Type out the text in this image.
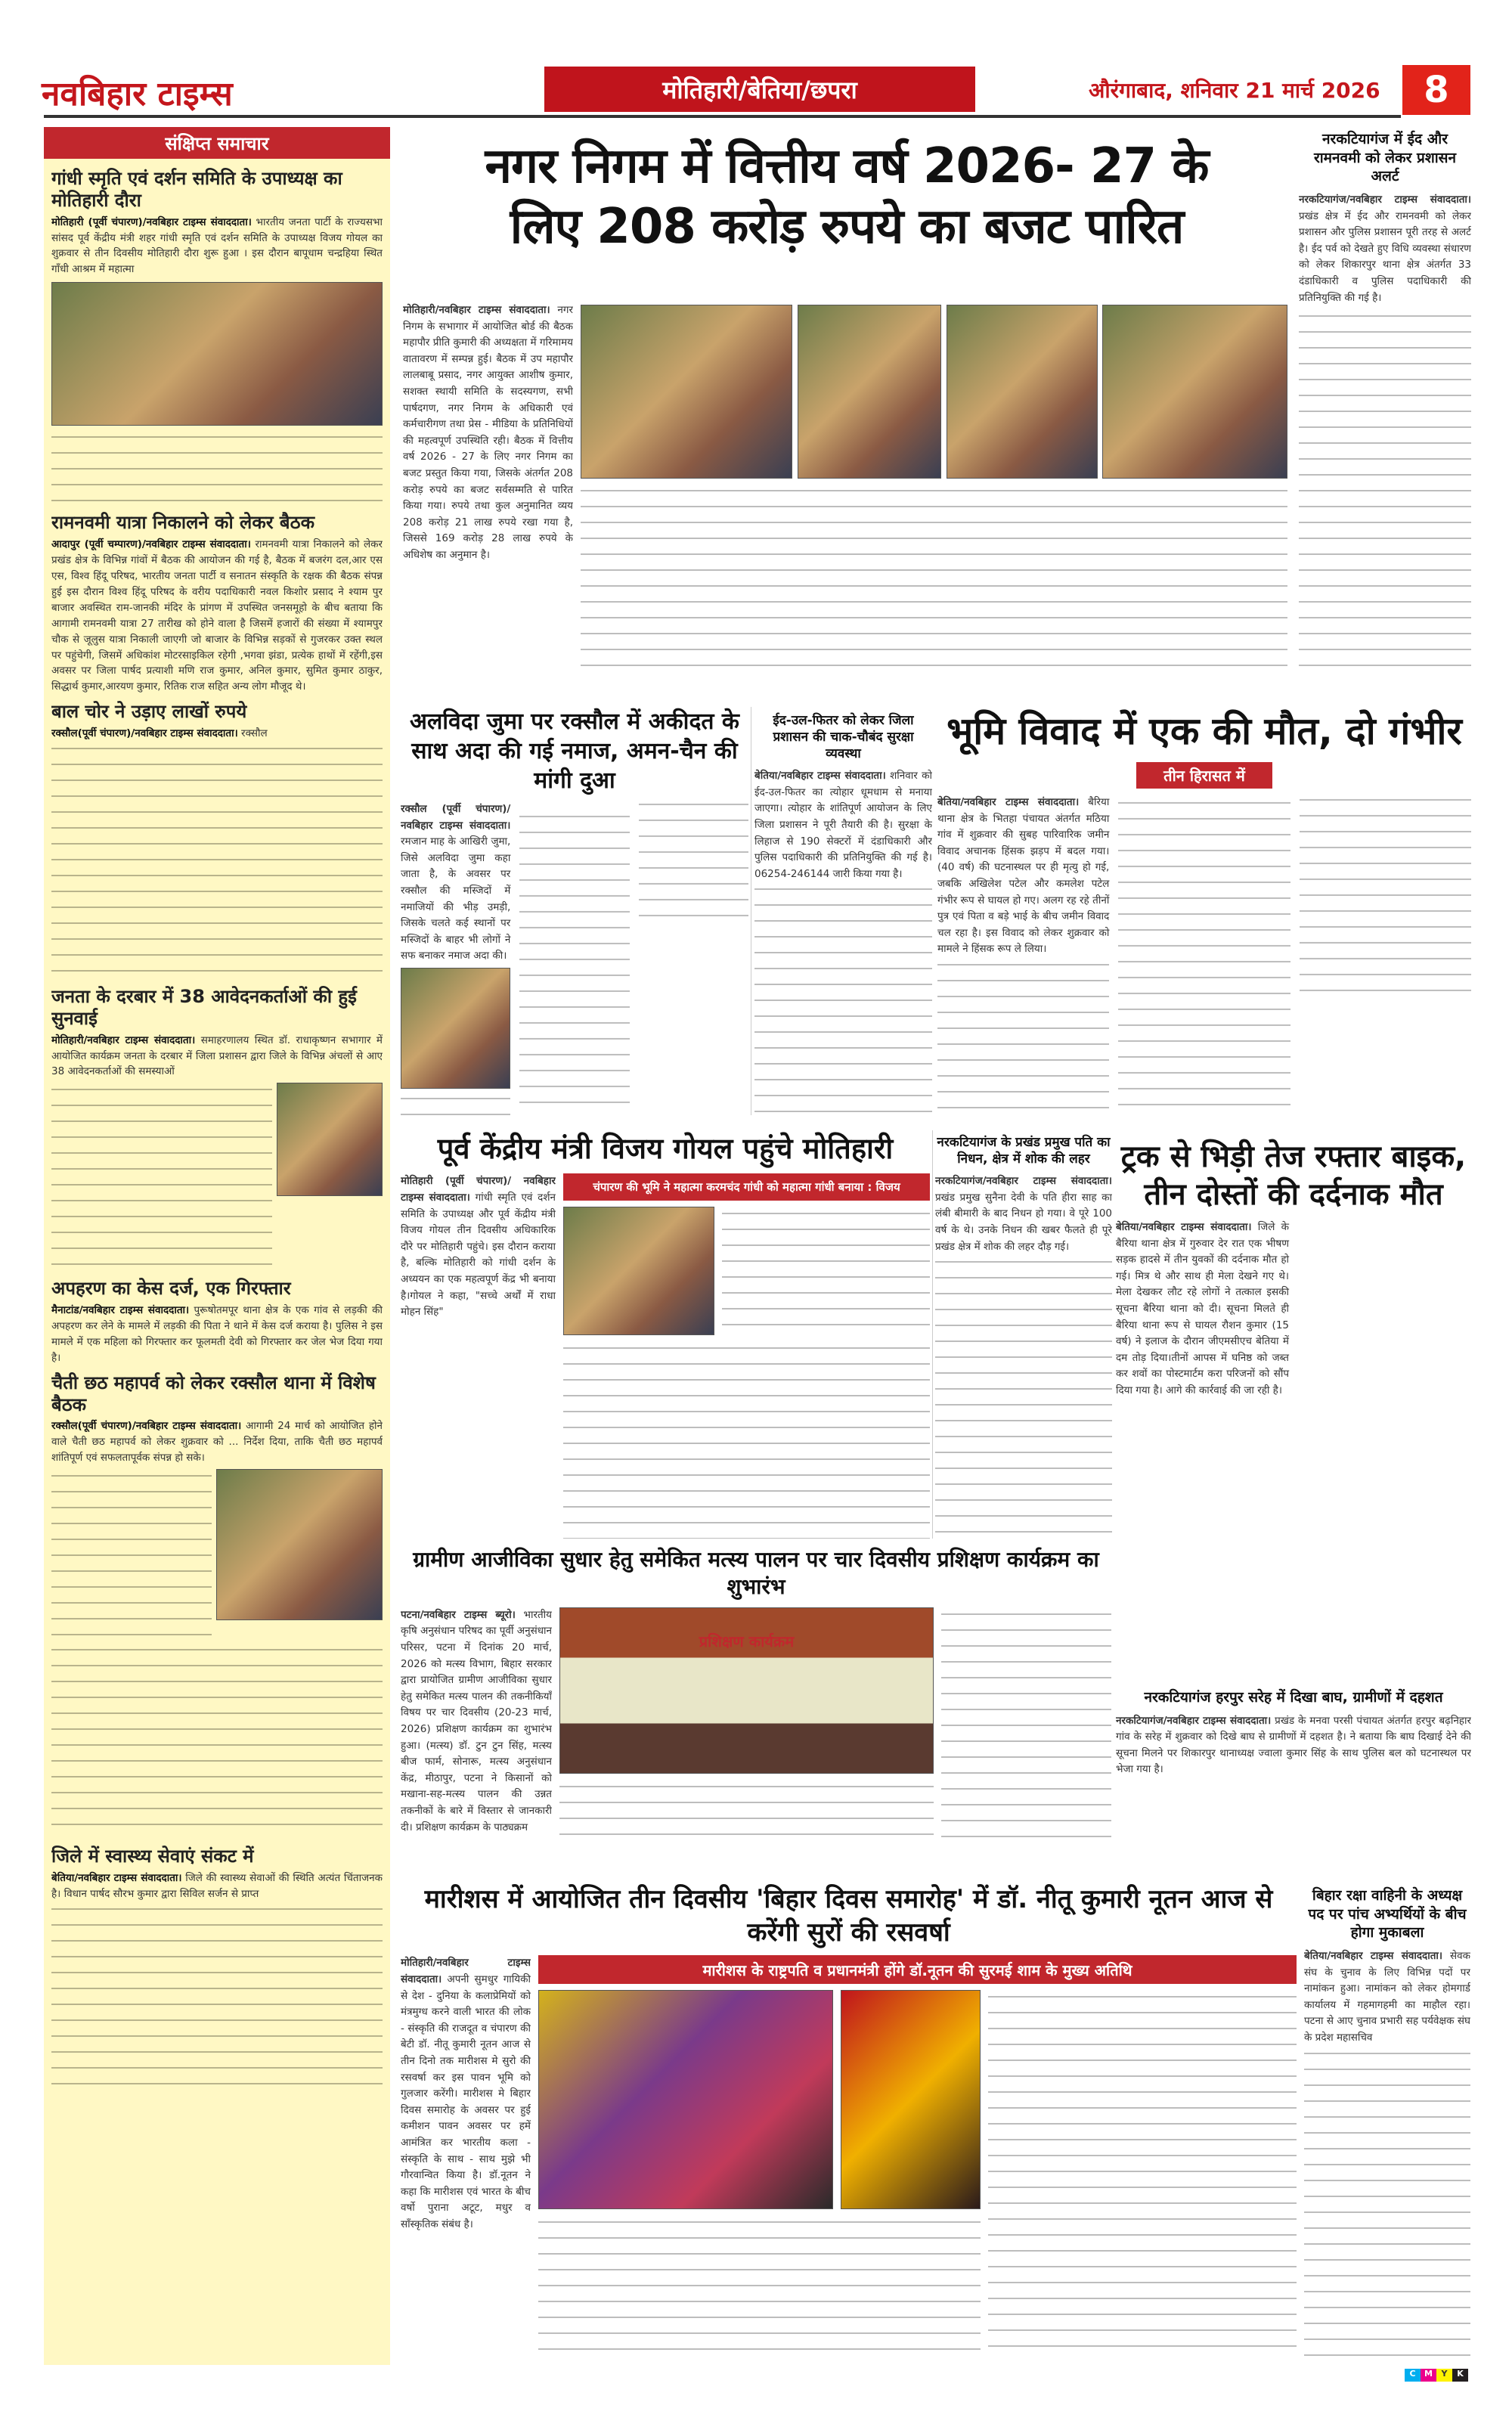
नवबिहार टाइम्स	मोतिहारी/बेतिया/छपरा	औरंगाबाद, शनिवार 21 मार्च 2026	8
संक्षिप्त समाचार
गांधी स्मृति एवं दर्शन समिति के उपाध्यक्ष का मोतिहारी दौरा
मोतिहारी (पूर्वी चंपारण)/नवबिहार टाइम्स संवाददाता। भारतीय जनता पार्टी के राज्यसभा सांसद पूर्व केंद्रीय मंत्री शहर गांधी स्मृति एवं दर्शन समिति के उपाध्यक्ष विजय गोयल का शुक्रवार से तीन दिवसीय मोतिहारी दौरा शुरू हुआ । इस दौरान बापूधाम चन्द्रहिया स्थित गाँधी आश्रम में महात्मा
रामनवमी यात्रा निकालने को लेकर बैठक
आदापुर (पूर्वी चम्पारण)/नवबिहार टाइम्स संवाददाता। रामनवमी यात्रा निकालने को लेकर प्रखंड क्षेत्र के विभिन्न गांवों में बैठक की आयोजन की गई है, बैठक में बजरंग दल,आर एस एस, विश्व हिंदू परिषद, भारतीय जनता पार्टी व सनातन संस्कृति के रक्षक की बैठक संपन्न हुई इस दौरान विश्व हिंदू परिषद के वरीय पदाधिकारी नवल किशोर प्रसाद ने श्याम पुर बाजार अवस्थित राम-जानकी मंदिर के प्रांगण में उपस्थित जनसमूहो के बीच बताया कि आगामी रामनवमी यात्रा 27 तारीख को होने वाला है जिसमें हजारों की संख्या में श्यामपुर चौक से जूलुस यात्रा निकाली जाएगी जो बाजार के विभिन्न सड़कों से गुजरकर उक्त स्थल पर पहुंचेगी, जिसमें अधिकांश मोटरसाइकिल रहेगी ,भगवा झंडा, प्रत्येक हाथों में रहेंगी,इस अवसर पर जिला पार्षद प्रत्याशी मणि राज कुमार, अनिल कुमार, सुमित कुमार ठाकुर, सिद्धार्थ कुमार,आरयण कुमार, रितिक राज सहित अन्य लोग मौजूद थे।
बाल चोर ने उड़ाए लाखों रुपये
रक्सौल(पूर्वी चंपारण)/नवबिहार टाइम्स संवाददाता। रक्सौल
जनता के दरबार में 38 आवेदनकर्ताओं की हुई सुनवाई
मोतिहारी/नवबिहार टाइम्स संवाददाता। समाहरणालय स्थित डॉ. राधाकृष्णन सभागार में आयोजित कार्यक्रम जनता के दरबार में जिला प्रशासन द्वारा जिले के विभिन्न अंचलों से आए 38 आवेदनकर्ताओं की समस्याओं
अपहरण का केस दर्ज, एक गिरफ्तार
मैनाटांड/नवबिहार टाइम्स संवाददाता। पुरूषोतमपूर थाना क्षेत्र के एक गांव से लड़की की अपहरण कर लेने के मामले में लड़की की पिता ने थाने में केस दर्ज कराया है। पुलिस ने इस मामले में एक महिला को गिरफ्तार कर फूलमती देवी को गिरफ्तार कर जेल भेज दिया गया है।
चैती छठ महापर्व को लेकर रक्सौल थाना में विशेष बैठक
रक्सौल(पूर्वी चंपारण)/नवबिहार टाइम्स संवाददाता। आगामी 24 मार्च को आयोजित होने वाले चैती छठ महापर्व को लेकर शुक्रवार को ... निर्देश दिया, ताकि चैती छठ महापर्व शांतिपूर्ण एवं सफलतापूर्वक संपन्न हो सके।
जिले में स्वास्थ्य सेवाएं संकट में
बेतिया/नवबिहार टाइम्स संवाददाता। जिले की स्वास्थ्य सेवाओं की स्थिति अत्यंत चिंताजनक है। विधान पार्षद सौरभ कुमार द्वारा सिविल सर्जन से प्राप्त
नगर निगम में वित्तीय वर्ष 2026- 27 के
लिए 208 करोड़ रुपये का बजट पारित
मोतिहारी/नवबिहार टाइम्स संवाददाता। नगर निगम के सभागार में आयोजित बोर्ड की बैठक महापौर प्रीति कुमारी की अध्यक्षता में गरिमामय वातावरण में सम्पन्न हुई। बैठक में उप महापौर लालबाबू प्रसाद, नगर आयुक्त आशीष कुमार, सशक्त स्थायी समिति के सदस्यगण, सभी पार्षदगण, नगर निगम के अधिकारी एवं कर्मचारीगण तथा प्रेस - मीडिया के प्रतिनिधियों की महत्वपूर्ण उपस्थिति रही। बैठक में वित्तीय वर्ष 2026 - 27 के लिए नगर निगम का बजट प्रस्तुत किया गया, जिसके अंतर्गत 208 करोड़ रुपये का बजट सर्वसम्मति से पारित किया गया। रुपये तथा कुल अनुमानित व्यय 208 करोड़ 21 लाख रुपये रखा गया है, जिससे 169 करोड़ 28 लाख रुपये के अधिशेष का अनुमान है।
नरकटियागंज में ईद और रामनवमी को लेकर प्रशासन अलर्ट
नरकटियागंज/नवबिहार टाइम्स संवाददाता। प्रखंड क्षेत्र में ईद और रामनवमी को लेकर प्रशासन और पुलिस प्रशासन पूरी तरह से अलर्ट है। ईद पर्व को देखते हुए विधि व्यवस्था संधारण को लेकर शिकारपुर थाना क्षेत्र अंतर्गत 33 दंडाधिकारी व पुलिस पदाधिकारी की प्रतिनियुक्ति की गई है।
अलविदा जुमा पर रक्सौल में अकीदत के साथ अदा की गई नमाज, अमन-चैन की मांगी दुआ
रक्सौल (पूर्वी चंपारण)/नवबिहार टाइम्स संवाददाता। रमजान माह के आखिरी जुमा, जिसे अलविदा जुमा कहा जाता है, के अवसर पर रक्सौल की मस्जिदों में नमाजियों की भीड़ उमड़ी, जिसके चलते कई स्थानों पर मस्जिदों के बाहर भी लोगों ने सफ बनाकर नमाज अदा की।
ईद-उल-फितर को लेकर जिला प्रशासन की चाक-चौबंद सुरक्षा व्यवस्था
बेतिया/नवबिहार टाइम्स संवाददाता। शनिवार को ईद-उल-फितर का त्योहार धूमधाम से मनाया जाएगा। त्योहार के शांतिपूर्ण आयोजन के लिए जिला प्रशासन ने पूरी तैयारी की है। सुरक्षा के लिहाज से 190 सेक्टरों में दंडाधिकारी और पुलिस पदाधिकारी की प्रतिनियुक्ति की गई है। 06254-246144 जारी किया गया है।
भूमि विवाद में एक की मौत, दो गंभीर
तीन हिरासत में
बेतिया/नवबिहार टाइम्स संवाददाता। बैरिया थाना क्षेत्र के भितहा पंचायत अंतर्गत मठिया गांव में शुक्रवार की सुबह पारिवारिक जमीन विवाद अचानक हिंसक झड़प में बदल गया। (40 वर्ष) की घटनास्थल पर ही मृत्यु हो गई, जबकि अखिलेश पटेल और कमलेश पटेल गंभीर रूप से घायल हो गए। अलग रह रहे तीनों पुत्र एवं पिता व बड़े भाई के बीच जमीन विवाद चल रहा है। इस विवाद को लेकर शुक्रवार को मामले ने हिंसक रूप ले लिया।
पूर्व केंद्रीय मंत्री विजय गोयल पहुंचे मोतिहारी
मोतिहारी (पूर्वी चंपारण)/ नवबिहार टाइम्स संवाददाता। गांधी स्मृति एवं दर्शन समिति के उपाध्यक्ष और पूर्व केंद्रीय मंत्री विजय गोयल तीन दिवसीय अधिकारिक दौरे पर मोतिहारी पहुंचे। इस दौरान कराया है, बल्कि मोतिहारी को गांधी दर्शन के अध्ययन का एक महत्वपूर्ण केंद्र भी बनाया है।गोयल ने कहा, "सच्चे अर्थों में राधा मोहन सिंह"
चंपारण की भूमि ने महात्मा करमचंद गांधी को महात्मा गांधी बनाया : विजय
नरकटियागंज के प्रखंड प्रमुख पति का निधन, क्षेत्र में शोक की लहर
नरकटियागंज/नवबिहार टाइम्स संवाददाता। प्रखंड प्रमुख सुनैना देवी के पति हीरा साह का लंबी बीमारी के बाद निधन हो गया। वे पूरे 100 वर्ष के थे। उनके निधन की खबर फैलते ही पूरे प्रखंड क्षेत्र में शोक की लहर दौड़ गई।
ट्रक से भिड़ी तेज रफ्तार बाइक,
तीन दोस्तों की दर्दनाक मौत
बेतिया/नवबिहार टाइम्स संवाददाता। जिले के बैरिया थाना क्षेत्र में गुरुवार देर रात एक भीषण सड़क हादसे में तीन युवकों की दर्दनाक मौत हो गई। मित्र थे और साथ ही मेला देखने गए थे।मेला देखकर लौट रहे लोगों ने तत्काल इसकी सूचना बैरिया थाना को दी। सूचना मिलते ही बैरिया थाना रूप से घायल रौशन कुमार (15 वर्ष) ने इलाज के दौरान जीएमसीएच बेतिया में दम तोड़ दिया।तीनों आपस में घनिष्ठ को जब्त कर शवों का पोस्टमार्टम करा परिजनों को सौंप दिया गया है। आगे की कार्रवाई की जा रही है।
ग्रामीण आजीविका सुधार हेतु समेकित मत्स्य पालन पर चार दिवसीय प्रशिक्षण कार्यक्रम का शुभारंभ
पटना/नवबिहार टाइम्स ब्यूरो। भारतीय कृषि अनुसंधान परिषद का पूर्वी अनुसंधान परिसर, पटना में दिनांक 20 मार्च, 2026 को मत्स्य विभाग, बिहार सरकार द्वारा प्रायोजित ग्रामीण आजीविका सुधार हेतु समेकित मत्स्य पालन की तकनीकियाँ विषय पर चार दिवसीय (20-23 मार्च, 2026) प्रशिक्षण कार्यक्रम का शुभारंभ हुआ। (मत्स्य) डॉ. टुन टुन सिंह, मत्स्य बीज फार्म, सोनारू, मत्स्य अनुसंधान केंद्र, मीठापुर, पटना ने किसानों को मखाना-सह-मत्स्य पालन की उन्नत तकनीकों के बारे में विस्तार से जानकारी दी। प्रशिक्षण कार्यक्रम के पाठ्यक्रम
प्रशिक्षण कार्यक्रम
नरकटियागंज हरपुर सरेह में दिखा बाघ, ग्रामीणों में दहशत
नरकटियागंज/नवबिहार टाइम्स संवाददाता। प्रखंड के मनवा परसी पंचायत अंतर्गत हरपुर बढ़निहार गांव के सरेह में शुक्रवार को दिखे बाघ से ग्रामीणों में दहशत है। ने बताया कि बाघ दिखाई देने की सूचना मिलने पर शिकारपुर थानाध्यक्ष ज्वाला कुमार सिंह के साथ पुलिस बल को घटनास्थल पर भेजा गया है।
मारीशस में आयोजित तीन दिवसीय 'बिहार दिवस समारोह' में डॉ. नीतू कुमारी नूतन आज से करेंगी सुरों की रसवर्षा
मोतिहारी/नवबिहार टाइम्स संवाददाता। अपनी सुमधुर गायिकी से देश - दुनिया के कलाप्रेमियों को मंत्रमुग्ध करने वाली भारत की लोक - संस्कृति की राजदूत व चंपारण की बेटी डॉ. नीतू कुमारी नूतन आज से तीन दिनो तक मारीशस मे सुरो की रसवर्षा कर इस पावन भूमि को गुलजार करेंगी। मारीशस मे बिहार दिवस समारोह के अवसर पर हुई कमीशन पावन अवसर पर हमें आमंत्रित कर भारतीय कला - संस्कृति के साथ - साथ मुझे भी गौरवान्वित किया है। डॉ.नूतन ने कहा कि मारीशस एवं भारत के बीच वर्षो पुराना अटूट, मधुर व सॉंस्कृतिक संबंध है।
मारीशस के राष्ट्रपति व प्रधानमंत्री होंगे डॉ.नूतन की सुरमई शाम के मुख्य अतिथि
बिहार रक्षा वाहिनी के अध्यक्ष पद पर पांच अभ्यर्थियों के बीच होगा मुकाबला
बेतिया/नवबिहार टाइम्स संवाददाता। सेवक संघ के चुनाव के लिए विभिन्न पदों पर नामांकन हुआ। नामांकन को लेकर होमगार्ड कार्यालय में गहमागहमी का माहौल रहा। पटना से आए चुनाव प्रभारी सह पर्यवेक्षक संघ के प्रदेश महासचिव
C	M	Y	K
